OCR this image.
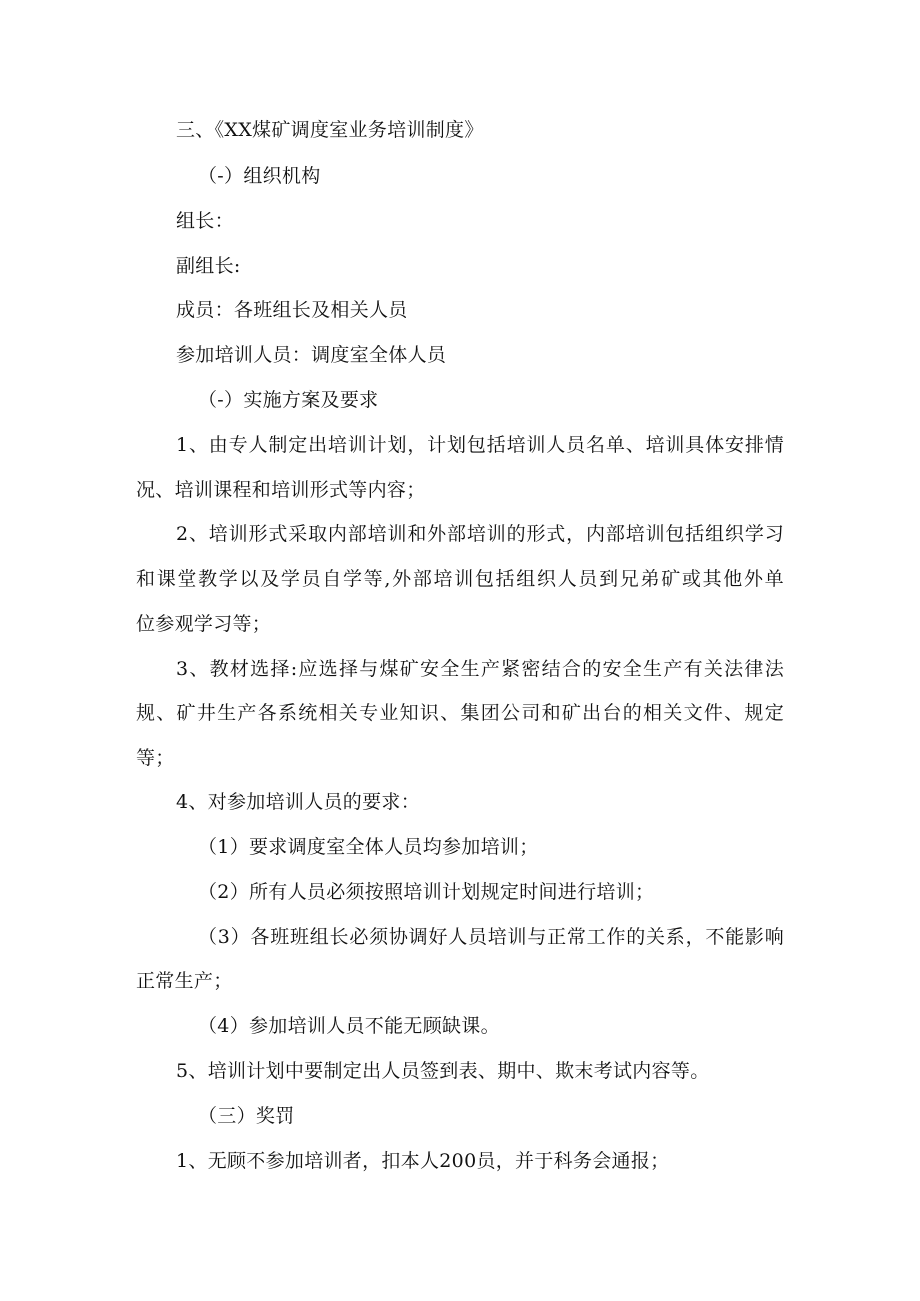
三、《XX煤矿调度室业务培训制度》
（-）组织机构
组长：
副组长:
成员：各班组长及相关人员
参加培训人员：调度室全体人员
（-）实施方案及要求
1、由专人制定出培训计划，计划包括培训人员名单、培训具体安排情
况、培训课程和培训形式等内容；
2、培训形式采取内部培训和外部培训的形式，内部培训包括组织学习
和课堂教学以及学员自学等,外部培训包括组织人员到兄弟矿或其他外单
位参观学习等；
3、教材选择:应选择与煤矿安全生产紧密结合的安全生产有关法律法
规、矿井生产各系统相关专业知识、集团公司和矿出台的相关文件、规定
等；
4、对参加培训人员的要求：
（1）要求调度室全体人员均参加培训；
（2）所有人员必须按照培训计划规定时间进行培训；
（3）各班班组长必须协调好人员培训与正常工作的关系，不能影响
正常生产；
（4）参加培训人员不能无顾缺课。
5、培训计划中要制定出人员签到表、期中、欺末考试内容等。
（三）奖罚
1、无顾不参加培训者，扣本人200员，并于科务会通报；
